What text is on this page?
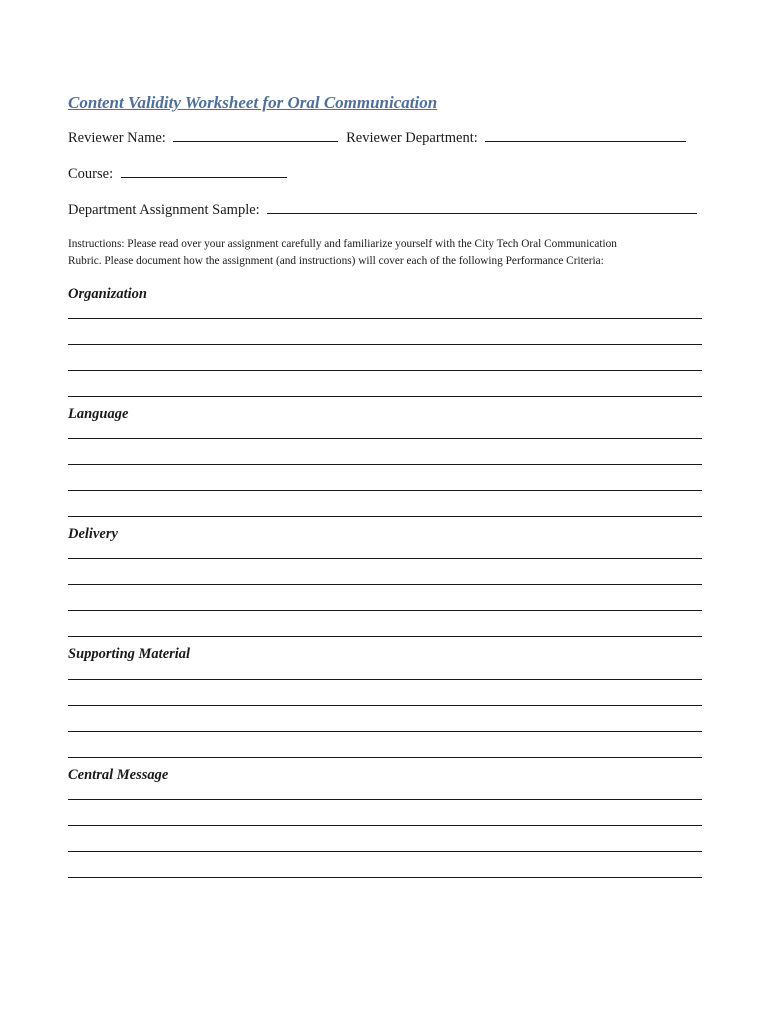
Content Validity Worksheet for Oral Communication
Reviewer Name:	Reviewer Department:
Course:
Department Assignment Sample:
Instructions: Please read over your assignment carefully and familiarize yourself with the City Tech Oral Communication
Rubric. Please document how the assignment (and instructions) will cover each of the following Performance Criteria:
Organization
Language
Delivery
Supporting Material
Central Message
